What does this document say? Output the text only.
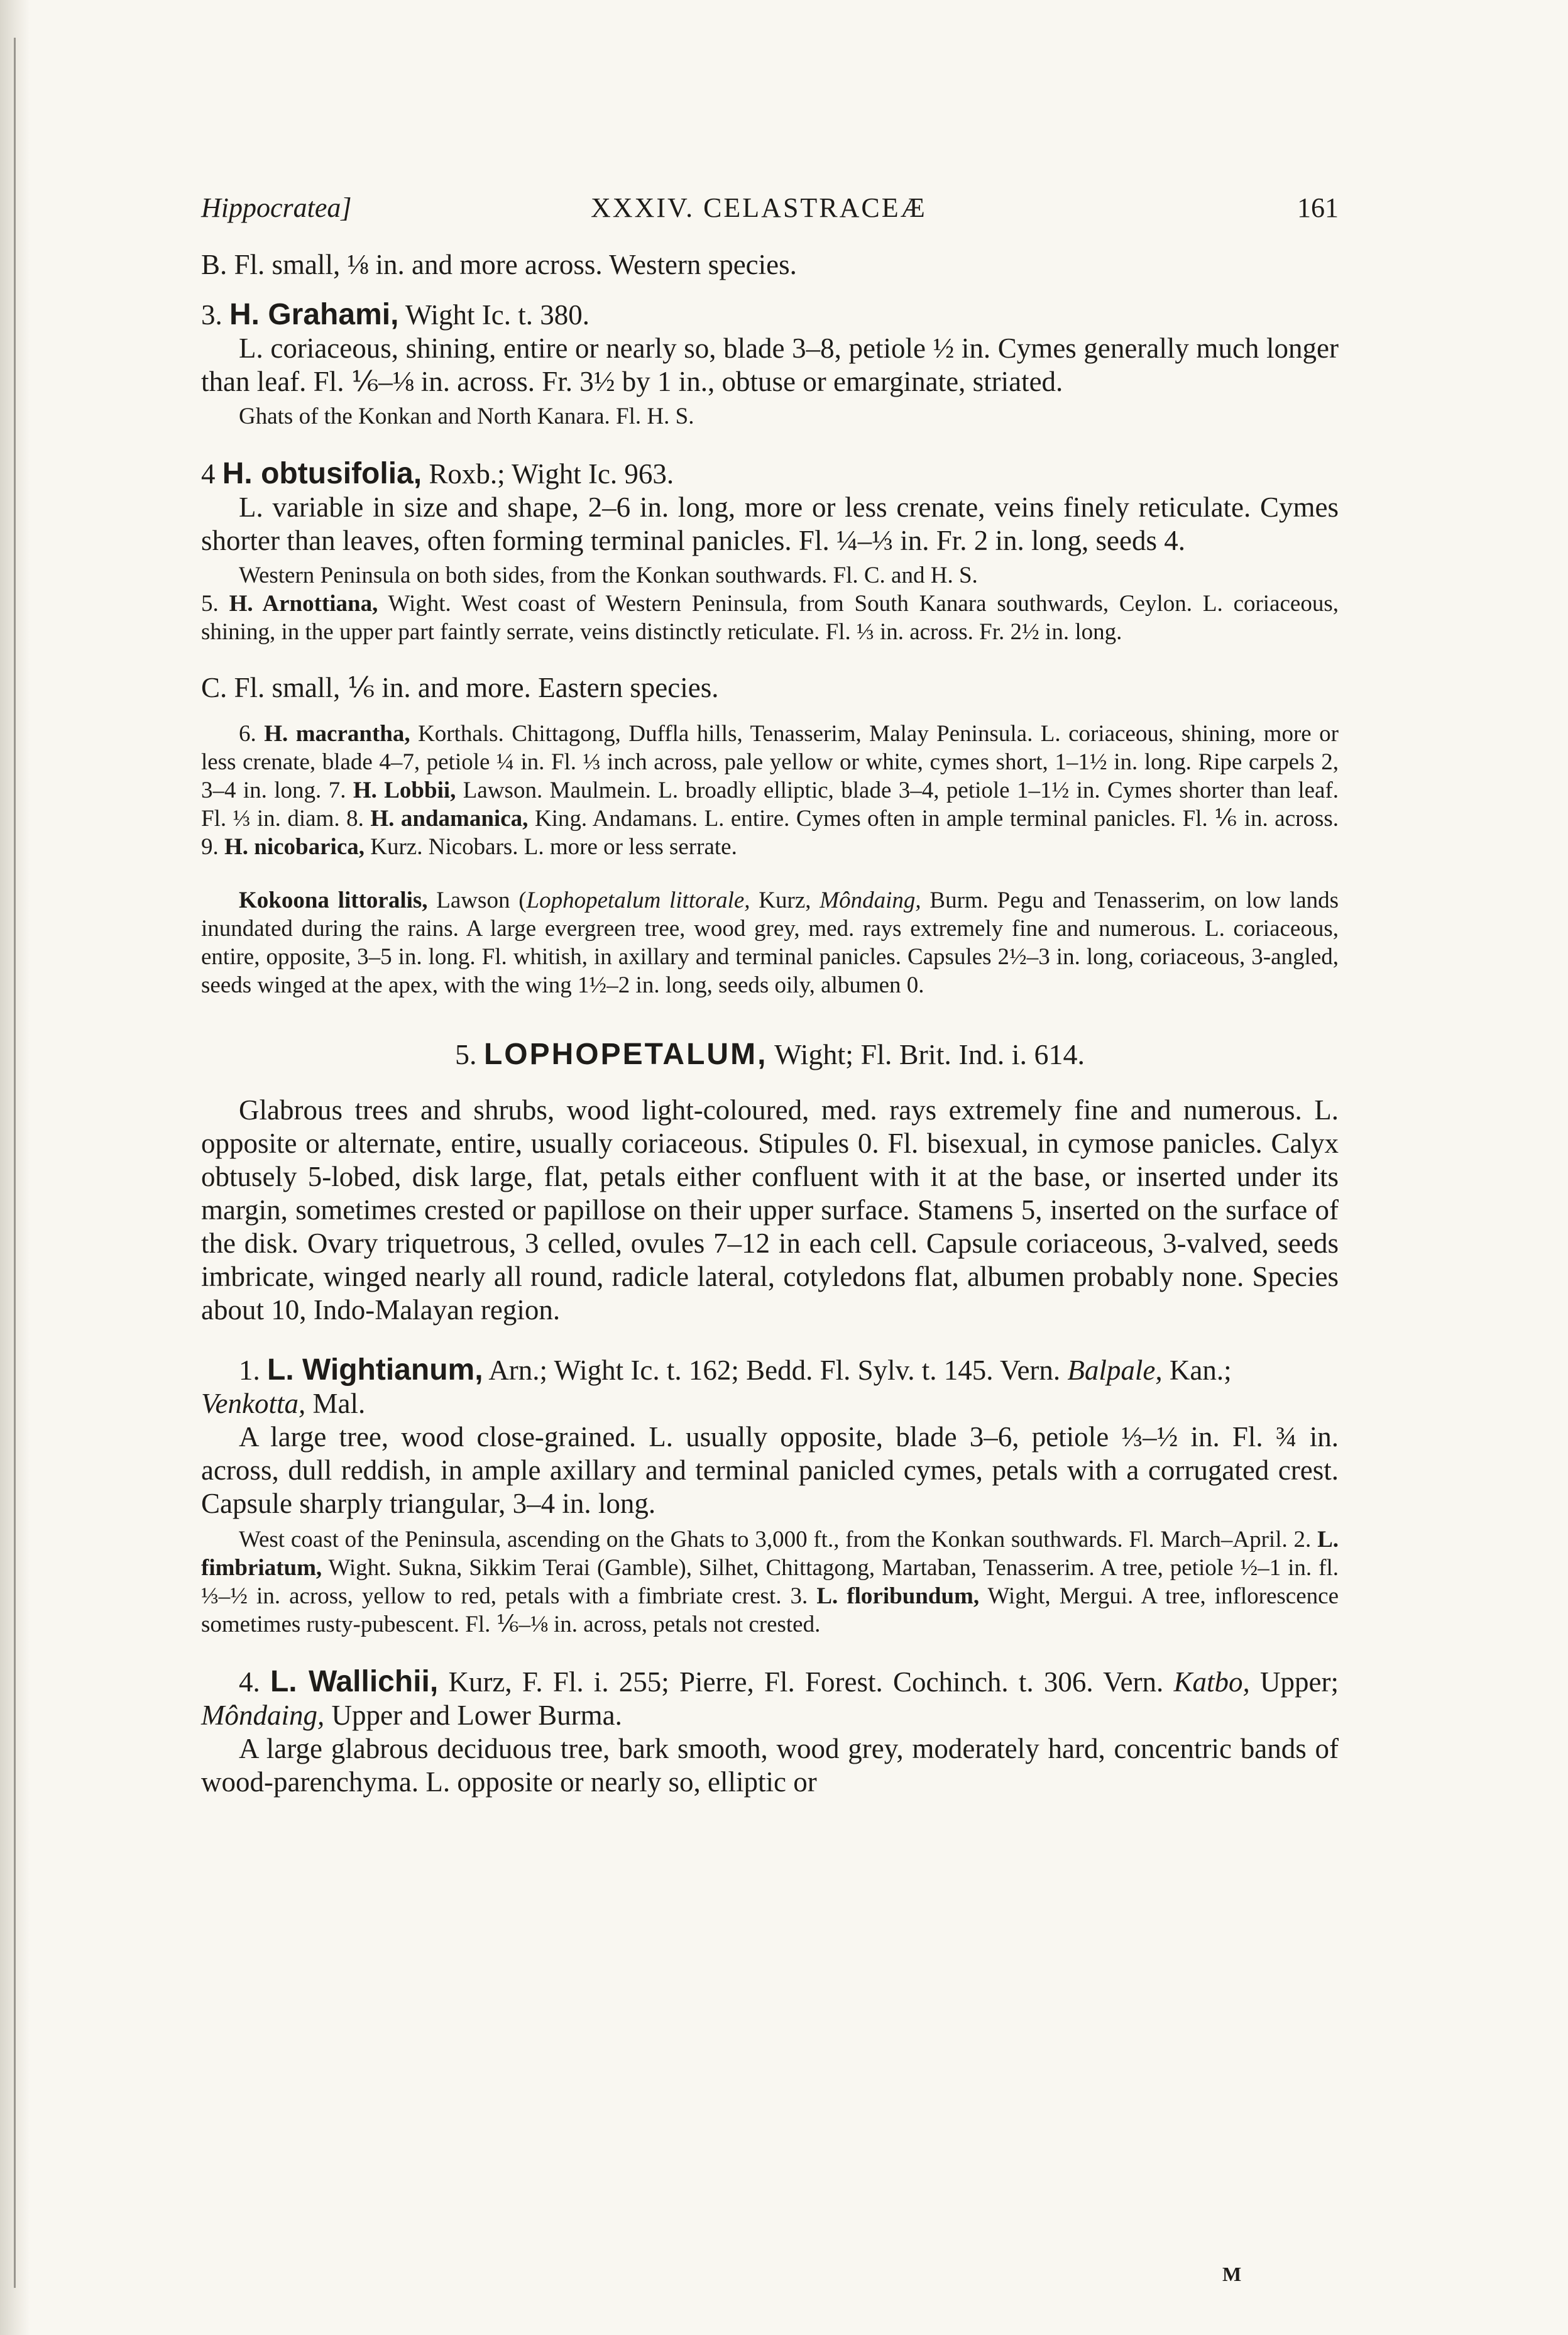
Hippocratea]	XXXIV. CELASTRACEÆ	161

B. Fl. small, ⅛ in. and more across. Western species.

3. H. Grahami, Wight Ic. t. 380.

L. coriaceous, shining, entire or nearly so, blade 3–8, petiole ½ in. Cymes generally much longer than leaf. Fl. ⅙–⅛ in. across. Fr. 3½ by 1 in., obtuse or emarginate, striated.

Ghats of the Konkan and North Kanara. Fl. H. S.

4 H. obtusifolia, Roxb.; Wight Ic. 963.

L. variable in size and shape, 2–6 in. long, more or less crenate, veins finely reticulate. Cymes shorter than leaves, often forming terminal panicles. Fl. ¼–⅓ in. Fr. 2 in. long, seeds 4.

Western Peninsula on both sides, from the Konkan southwards. Fl. C. and H. S.

5. H. Arnottiana, Wight. West coast of Western Peninsula, from South Kanara southwards, Ceylon. L. coriaceous, shining, in the upper part faintly serrate, veins distinctly reticulate. Fl. ⅓ in. across. Fr. 2½ in. long.

C. Fl. small, ⅙ in. and more. Eastern species.

6. H. macrantha, Korthals. Chittagong, Duffla hills, Tenasserim, Malay Peninsula. L. coriaceous, shining, more or less crenate, blade 4–7, petiole ¼ in. Fl. ⅓ inch across, pale yellow or white, cymes short, 1–1½ in. long. Ripe carpels 2, 3–4 in. long. 7. H. Lobbii, Lawson. Maulmein. L. broadly elliptic, blade 3–4, petiole 1–1½ in. Cymes shorter than leaf. Fl. ⅓ in. diam. 8. H. andamanica, King. Andamans. L. entire. Cymes often in ample terminal panicles. Fl. ⅙ in. across. 9. H. nicobarica, Kurz. Nicobars. L. more or less serrate.

Kokoona littoralis, Lawson (Lophopetalum littorale, Kurz, Môndaing, Burm. Pegu and Tenasserim, on low lands inundated during the rains. A large evergreen tree, wood grey, med. rays extremely fine and numerous. L. coriaceous, entire, opposite, 3–5 in. long. Fl. whitish, in axillary and terminal panicles. Capsules 2½–3 in. long, coriaceous, 3-angled, seeds winged at the apex, with the wing 1½–2 in. long, seeds oily, albumen 0.

5. LOPHOPETALUM, Wight; Fl. Brit. Ind. i. 614.

Glabrous trees and shrubs, wood light-coloured, med. rays extremely fine and numerous. L. opposite or alternate, entire, usually coriaceous. Stipules 0. Fl. bisexual, in cymose panicles. Calyx obtusely 5-lobed, disk large, flat, petals either confluent with it at the base, or inserted under its margin, sometimes crested or papillose on their upper surface. Stamens 5, inserted on the surface of the disk. Ovary triquetrous, 3 celled, ovules 7–12 in each cell. Capsule coriaceous, 3-valved, seeds imbricate, winged nearly all round, radicle lateral, cotyledons flat, albumen probably none. Species about 10, Indo-Malayan region.

1. L. Wightianum, Arn.; Wight Ic. t. 162; Bedd. Fl. Sylv. t. 145. Vern. Balpale, Kan.; Venkotta, Mal.

A large tree, wood close-grained. L. usually opposite, blade 3–6, petiole ⅓–½ in. Fl. ¾ in. across, dull reddish, in ample axillary and terminal panicled cymes, petals with a corrugated crest. Capsule sharply triangular, 3–4 in. long.

West coast of the Peninsula, ascending on the Ghats to 3,000 ft., from the Konkan southwards. Fl. March–April. 2. L. fimbriatum, Wight. Sukna, Sikkim Terai (Gamble), Silhet, Chittagong, Martaban, Tenasserim. A tree, petiole ½–1 in. fl. ⅓–½ in. across, yellow to red, petals with a fimbriate crest. 3. L. floribundum, Wight, Mergui. A tree, inflorescence sometimes rusty-pubescent. Fl. ⅙–⅛ in. across, petals not crested.

4. L. Wallichii, Kurz, F. Fl. i. 255; Pierre, Fl. Forest. Cochinch. t. 306. Vern. Katbo, Upper; Môndaing, Upper and Lower Burma.

A large glabrous deciduous tree, bark smooth, wood grey, moderately hard, concentric bands of wood-parenchyma. L. opposite or nearly so, elliptic or

M
